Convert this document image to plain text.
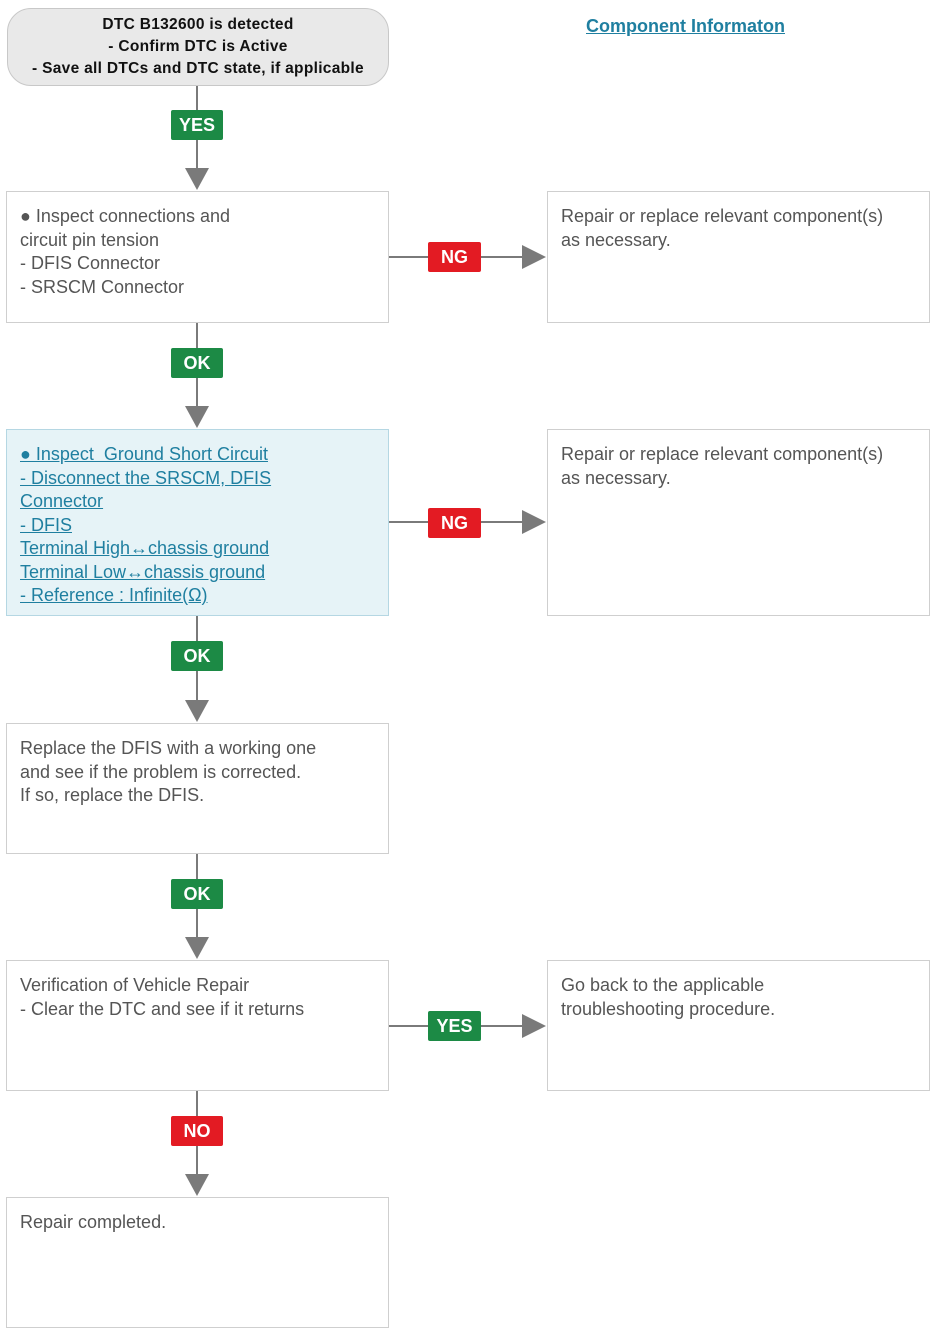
DTC B132600 is detected
- Confirm DTC is Active
- Save all DTCs and DTC state, if applicable
Component Informaton
● Inspect connections and
circuit pin tension
- DFIS Connector
- SRSCM Connector
Repair or replace relevant component(s)
as necessary.
● Inspect  Ground Short Circuit
- Disconnect the SRSCM, DFIS
Connector
- DFIS
Terminal High↔chassis ground
Terminal Low↔chassis ground
- Reference : Infinite(Ω)
Repair or replace relevant component(s)
as necessary.
Replace the DFIS with a working one
and see if the problem is corrected.
If so, replace the DFIS.
Verification of Vehicle Repair
- Clear the DTC and see if it returns
Go back to the applicable
troubleshooting procedure.
Repair completed.
YES
NG
OK
NG
OK
OK
YES
NO
